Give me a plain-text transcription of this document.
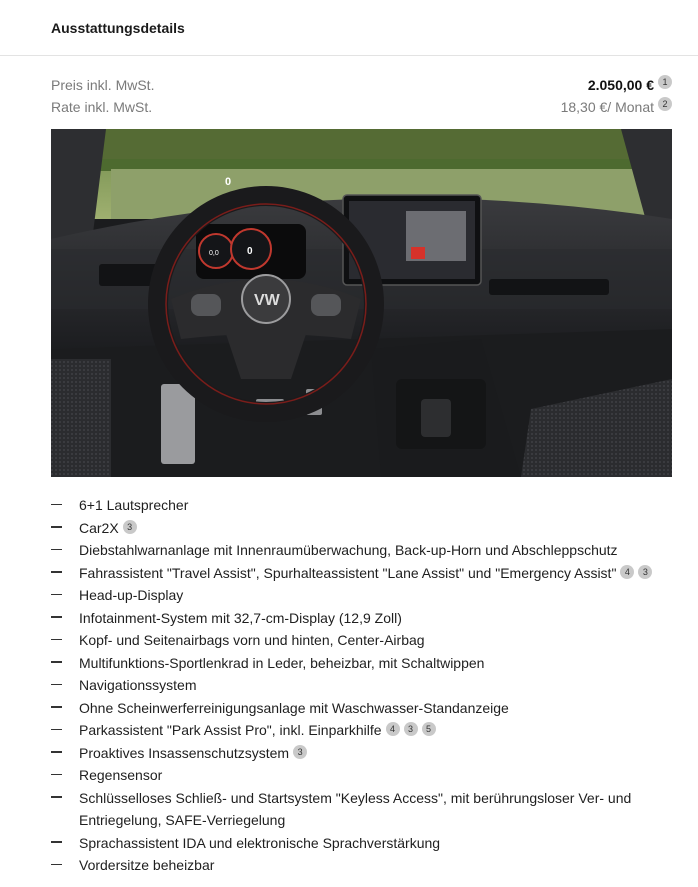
Ausstattungsdetails
Preis inkl. MwSt.	2.050,00 € 1
Rate inkl. MwSt.	18,30 €/ Monat 2
0
0,0	0
VW
6+1 Lautsprecher
Car2X 3
Diebstahlwarnanlage mit Innenraumüberwachung, Back-up-Horn und Abschleppschutz
Fahrassistent "Travel Assist", Spurhalteassistent "Lane Assist" und "Emergency Assist" 4 3
Head-up-Display
Infotainment-System mit 32,7-cm-Display (12,9 Zoll)
Kopf- und Seitenairbags vorn und hinten, Center-Airbag
Multifunktions-Sportlenkrad in Leder, beheizbar, mit Schaltwippen
Navigationssystem
Ohne Scheinwerferreinigungsanlage mit Waschwasser-Standanzeige
Parkassistent "Park Assist Pro", inkl. Einparkhilfe 4 3 5
Proaktives Insassenschutzsystem 3
Regensensor
Schlüsselloses Schließ- und Startsystem "Keyless Access", mit berührungsloser Ver- und Entriegelung, SAFE-Verriegelung
Sprachassistent IDA und elektronische Sprachverstärkung
Vordersitze beheizbar
